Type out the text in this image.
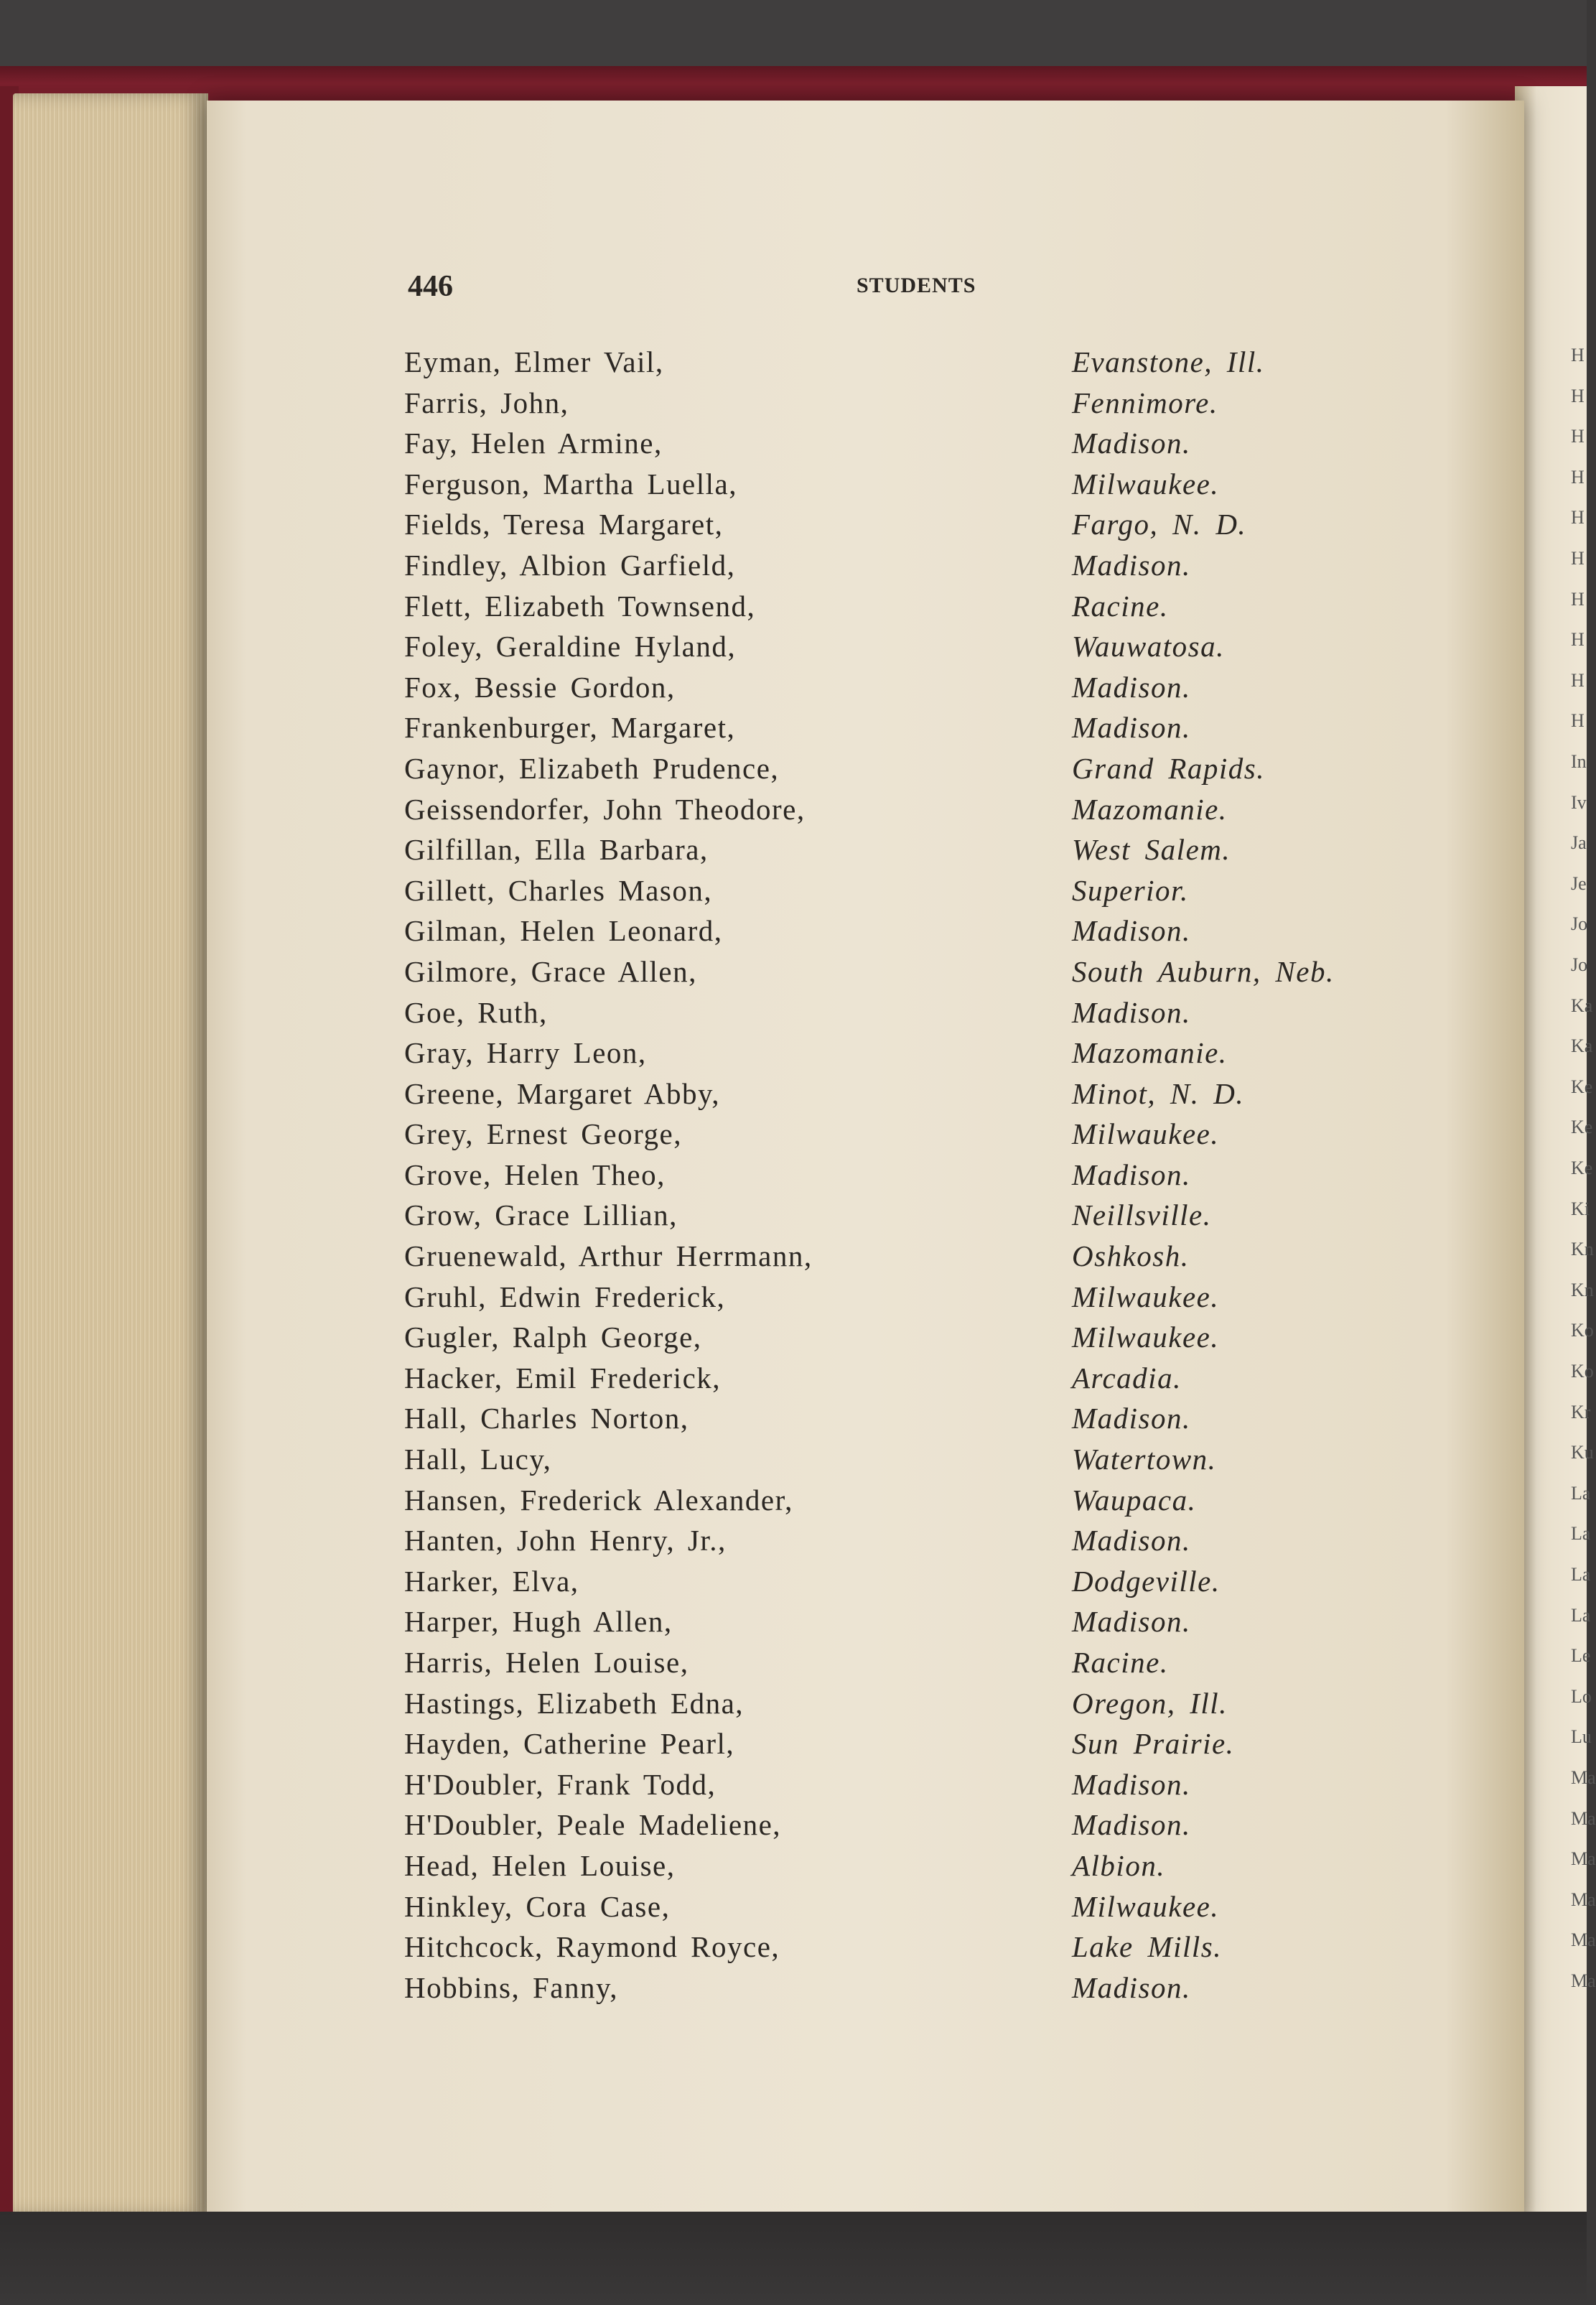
H
H
H
H
H
H
H
H
H
H
In
Iv
Ja
Je
Jo
Jo
Ka
Ka
Ke
Ke
Ke
Ki
Kn
Kn
Ko
Ko
Kr
Ku
La
La
La
La
Le
Lo
Lu
Ma
Ma
Ma
Ma
Ma
Ma
446	STUDENTS
Eyman, Elmer Vail,	Evanstone, Ill.
Farris, John,	Fennimore.
Fay, Helen Armine,	Madison.
Ferguson, Martha Luella,	Milwaukee.
Fields, Teresa Margaret,	Fargo, N. D.
Findley, Albion Garfield,	Madison.
Flett, Elizabeth Townsend,	Racine.
Foley, Geraldine Hyland,	Wauwatosa.
Fox, Bessie Gordon,	Madison.
Frankenburger, Margaret,	Madison.
Gaynor, Elizabeth Prudence,	Grand Rapids.
Geissendorfer, John Theodore,	Mazomanie.
Gilfillan, Ella Barbara,	West Salem.
Gillett, Charles Mason,	Superior.
Gilman, Helen Leonard,	Madison.
Gilmore, Grace Allen,	South Auburn, Neb.
Goe, Ruth,	Madison.
Gray, Harry Leon,	Mazomanie.
Greene, Margaret Abby,	Minot, N. D.
Grey, Ernest George,	Milwaukee.
Grove, Helen Theo,	Madison.
Grow, Grace Lillian,	Neillsville.
Gruenewald, Arthur Herrmann,	Oshkosh.
Gruhl, Edwin Frederick,	Milwaukee.
Gugler, Ralph George,	Milwaukee.
Hacker, Emil Frederick,	Arcadia.
Hall, Charles Norton,	Madison.
Hall, Lucy,	Watertown.
Hansen, Frederick Alexander,	Waupaca.
Hanten, John Henry, Jr.,	Madison.
Harker, Elva,	Dodgeville.
Harper, Hugh Allen,	Madison.
Harris, Helen Louise,	Racine.
Hastings, Elizabeth Edna,	Oregon, Ill.
Hayden, Catherine Pearl,	Sun Prairie.
H'Doubler, Frank Todd,	Madison.
H'Doubler, Peale Madeliene,	Madison.
Head, Helen Louise,	Albion.
Hinkley, Cora Case,	Milwaukee.
Hitchcock, Raymond Royce,	Lake Mills.
Hobbins, Fanny,	Madison.
